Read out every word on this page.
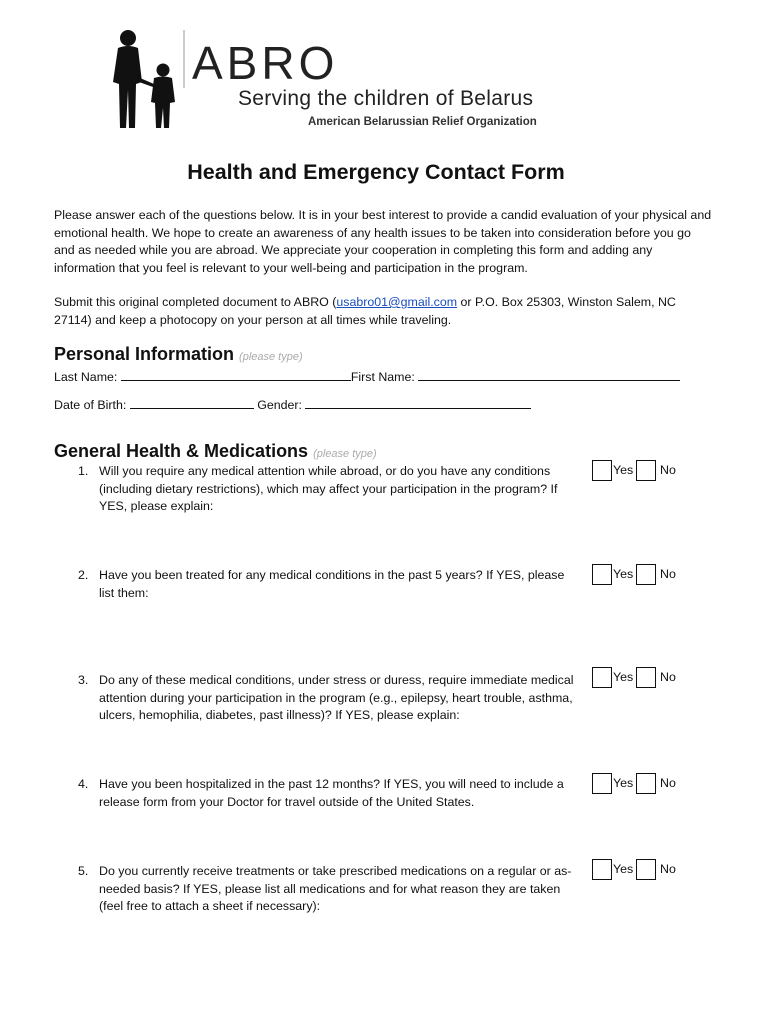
ABRO
Serving the children of Belarus
American Belarussian Relief Organization
Health and Emergency Contact Form

Please answer each of the questions below. It is in your best interest to provide a candid evaluation of your physical and emotional health. We hope to create an awareness of any health issues to be taken into consideration before you go and as needed while you are abroad. We appreciate your cooperation in completing this form and adding any information that you feel is relevant to your well-being and participation in the program.

Submit this original completed document to ABRO (usabro01@gmail.com or P.O. Box 25303, Winston Salem, NC 27114) and keep a photocopy on your person at all times while traveling.

Personal Information (please type)
Last Name:	First Name:
Date of Birth:	Gender:
General Health & Medications (please type)
1. Will you require any medical attention while abroad, or do you have any conditions (including dietary restrictions), which may affect your participation in the program? If YES, please explain:
Yes No
2. Have you been treated for any medical conditions in the past 5 years? If YES, please list them:
Yes No
3. Do any of these medical conditions, under stress or duress, require immediate medical attention during your participation in the program (e.g., epilepsy, heart trouble, asthma, ulcers, hemophilia, diabetes, past illness)? If YES, please explain:
Yes No
4. Have you been hospitalized in the past 12 months? If YES, you will need to include a release form from your Doctor for travel outside of the United States.
Yes No
5. Do you currently receive treatments or take prescribed medications on a regular or as-needed basis? If YES, please list all medications and for what reason they are taken (feel free to attach a sheet if necessary):
Yes No
